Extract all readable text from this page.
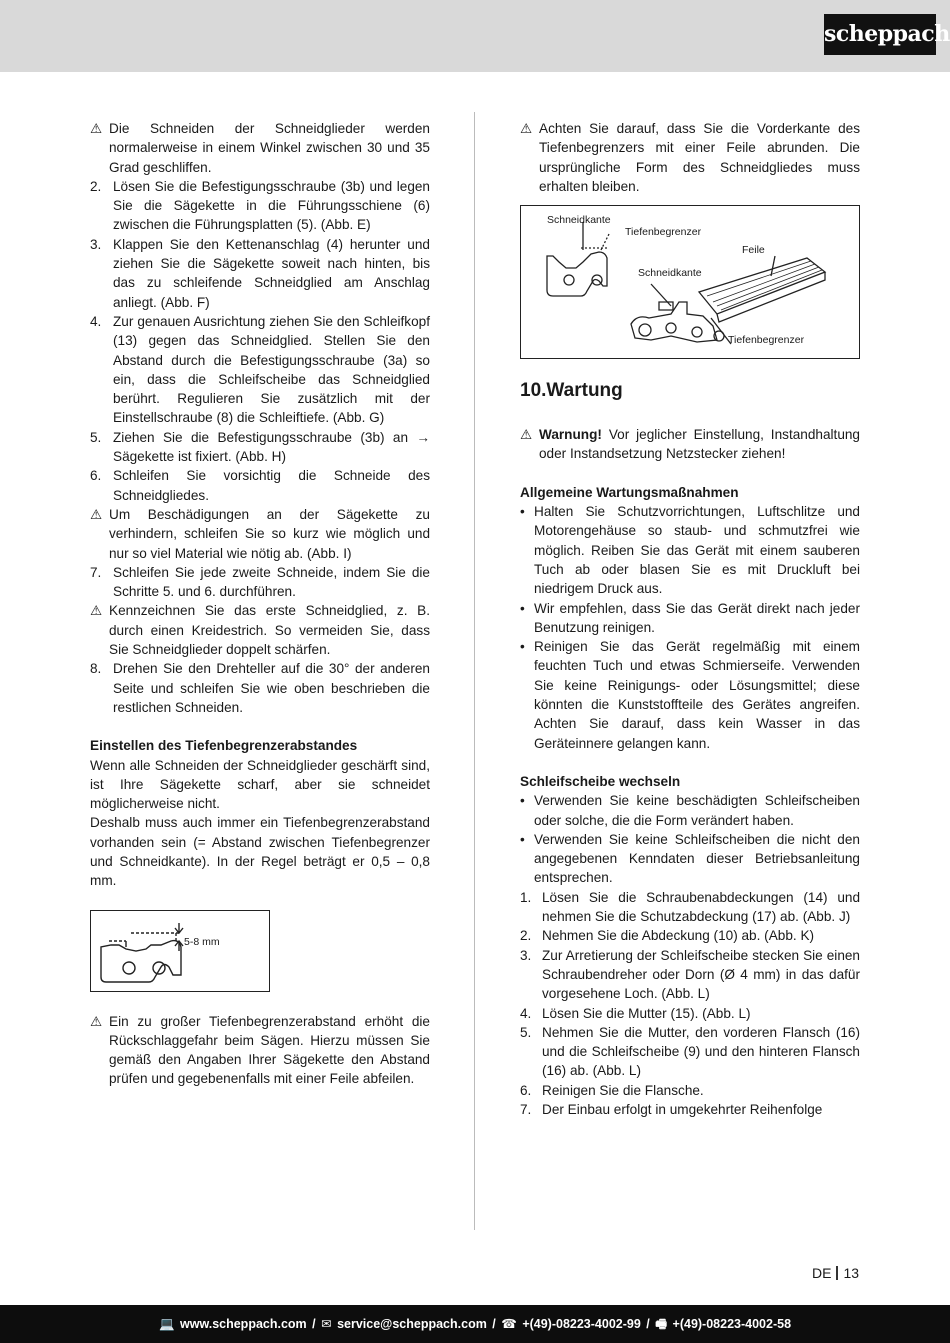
scheppach
⚠ Die Schneiden der Schneidglieder werden normalerweise in einem Winkel zwischen 30 und 35 Grad geschliffen.
2. Lösen Sie die Befestigungsschraube (3b) und legen Sie die Sägekette in die Führungsschiene (6) zwischen die Führungsplatten (5). (Abb. E)
3. Klappen Sie den Kettenanschlag (4) herunter und ziehen Sie die Sägekette soweit nach hinten, bis das zu schleifende Schneidglied am Anschlag anliegt. (Abb. F)
4. Zur genauen Ausrichtung ziehen Sie den Schleifkopf (13) gegen das Schneidglied. Stellen Sie den Abstand durch die Befestigungsschraube (3a) so ein, dass die Schleifscheibe das Schneidglied berührt. Regulieren Sie zusätzlich mit der Einstellschraube (8) die Schleiftiefe. (Abb. G)
5. Ziehen Sie die Befestigungsschraube (3b) an → Sägekette ist fixiert. (Abb. H)
6. Schleifen Sie vorsichtig die Schneide des Schneidgliedes.
⚠ Um Beschädigungen an der Sägekette zu verhindern, schleifen Sie so kurz wie möglich und nur so viel Material wie nötig ab. (Abb. I)
7. Schleifen Sie jede zweite Schneide, indem Sie die Schritte 5. und 6. durchführen.
⚠ Kennzeichnen Sie das erste Schneidglied, z. B. durch einen Kreidestrich. So vermeiden Sie, dass Sie Schneidglieder doppelt schärfen.
8. Drehen Sie den Drehteller auf die 30° der anderen Seite und schleifen Sie wie oben beschrieben die restlichen Schneiden.
Einstellen des Tiefenbegrenzerabstandes
Wenn alle Schneiden der Schneidglieder geschärft sind, ist Ihre Sägekette scharf, aber sie schneidet möglicherweise nicht.
Deshalb muss auch immer ein Tiefenbegrenzerabstand vorhanden sein (= Abstand zwischen Tiefenbegrenzer und Schneidkante). In der Regel beträgt er 0,5 – 0,8 mm.
5-8 mm
⚠ Ein zu großer Tiefenbegrenzerabstand erhöht die Rückschlaggefahr beim Sägen. Hierzu müssen Sie gemäß den Angaben Ihrer Sägekette den Abstand prüfen und gegebenenfalls mit einer Feile abfeilen.
⚠ Achten Sie darauf, dass Sie die Vorderkante des Tiefenbegrenzers mit einer Feile abrunden. Die ursprüngliche Form des Schneidgliedes muss erhalten bleiben.
Schneidkante
Tiefenbegrenzer
Feile
Schneidkante
Tiefenbegrenzer
10.Wartung
⚠ Warnung! Vor jeglicher Einstellung, Instandhaltung oder Instandsetzung Netzstecker ziehen!
Allgemeine Wartungsmaßnahmen
• Halten Sie Schutzvorrichtungen, Luftschlitze und Motorengehäuse so staub- und schmutzfrei wie möglich. Reiben Sie das Gerät mit einem sauberen Tuch ab oder blasen Sie es mit Druckluft bei niedrigem Druck aus.
• Wir empfehlen, dass Sie das Gerät direkt nach jeder Benutzung reinigen.
• Reinigen Sie das Gerät regelmäßig mit einem feuchten Tuch und etwas Schmierseife. Verwenden Sie keine Reinigungs- oder Lösungsmittel; diese könnten die Kunststoffteile des Gerätes angreifen. Achten Sie darauf, dass kein Wasser in das Geräteinnere gelangen kann.
Schleifscheibe wechseln
• Verwenden Sie keine beschädigten Schleifscheiben oder solche, die die Form verändert haben.
• Verwenden Sie keine Schleifscheiben die nicht den angegebenen Kenndaten dieser Betriebsanleitung entsprechen.
1. Lösen Sie die Schraubenabdeckungen (14) und nehmen Sie die Schutzabdeckung (17) ab. (Abb. J)
2. Nehmen Sie die Abdeckung (10) ab. (Abb. K)
3. Zur Arretierung der Schleifscheibe stecken Sie einen Schraubendreher oder Dorn (Ø 4 mm) in das dafür vorgesehene Loch. (Abb. L)
4. Lösen Sie die Mutter (15). (Abb. L)
5. Nehmen Sie die Mutter, den vorderen Flansch (16) und die Schleifscheibe (9) und den hinteren Flansch (16) ab. (Abb. L)
6. Reinigen Sie die Flansche.
7. Der Einbau erfolgt in umgekehrter Reihenfolge
DE 13
💻 www.scheppach.com / ✉ service@scheppach.com / ☎ +(49)-08223-4002-99 / 🖷 +(49)-08223-4002-58
